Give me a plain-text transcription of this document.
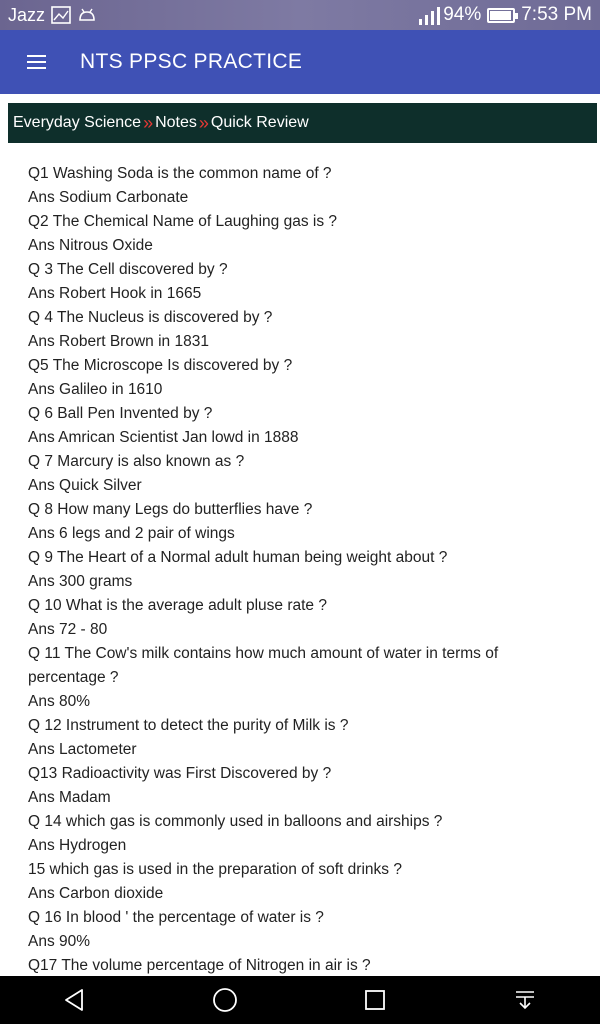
Jazz	94% 7:53 PM
NTS PPSC PRACTICE
Everyday Science » Notes » Quick Review
Q1 Washing Soda is the common name of ?
Ans Sodium Carbonate
Q2 The Chemical Name of Laughing gas is ?
Ans Nitrous Oxide
Q 3 The Cell discovered by ?
Ans Robert Hook in 1665
Q 4 The Nucleus is discovered by ?
Ans Robert Brown in 1831
Q5 The Microscope Is discovered by ?
Ans Galileo in 1610
Q 6 Ball Pen Invented by ?
Ans Amrican Scientist Jan lowd in 1888
Q 7 Marcury is also known as ?
Ans Quick Silver
Q 8 How many Legs do butterflies have ?
Ans 6 legs and 2 pair of wings
Q 9 The Heart of a Normal adult human being weight about ?
Ans 300 grams
Q 10 What is the average adult pluse rate ?
Ans 72 - 80
Q 11 The Cow's milk contains how much amount of water in terms of percentage ?
Ans 80%
Q 12 Instrument to detect the purity of Milk is ?
Ans Lactometer
Q13 Radioactivity was First Discovered by ?
Ans Madam
Q 14 which gas is commonly used in balloons and airships ?
Ans Hydrogen
15 which gas is used in the preparation of soft drinks ?
Ans Carbon dioxide
Q 16 In blood ' the percentage of water is ?
Ans 90%
Q17 The volume percentage of Nitrogen in air is ?
